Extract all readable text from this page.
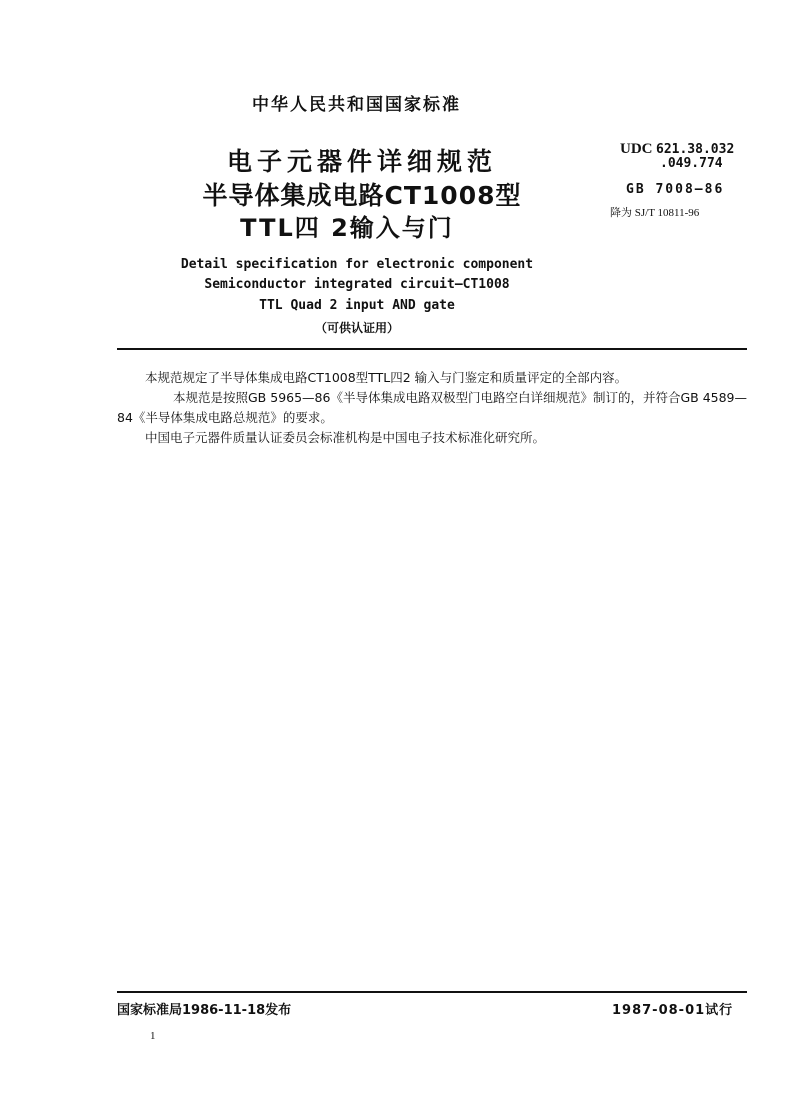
中华人民共和国国家标准
电子元器件详细规范
半导体集成电路CT1008型
TTL四 2输入与门
UDC 621.38.032
.049.774
GB 7008—86
降为 SJ/T 10811-96
Detail specification for electronic component
Semiconductor integrated circuit—CT1008
TTL Quad 2 input AND gate
（可供认证用）
本规范规定了半导体集成电路CT1008型TTL四2 输入与门鉴定和质量评定的全部内容。
本规范是按照GB 5965—86《半导体集成电路双极型门电路空白详细规范》制订的，并符合GB 4589—84《半导体集成电路总规范》的要求。
中国电子元器件质量认证委员会标准机构是中国电子技术标准化研究所。
国家标准局1986-11-18发布	1987-08-01试行
1
